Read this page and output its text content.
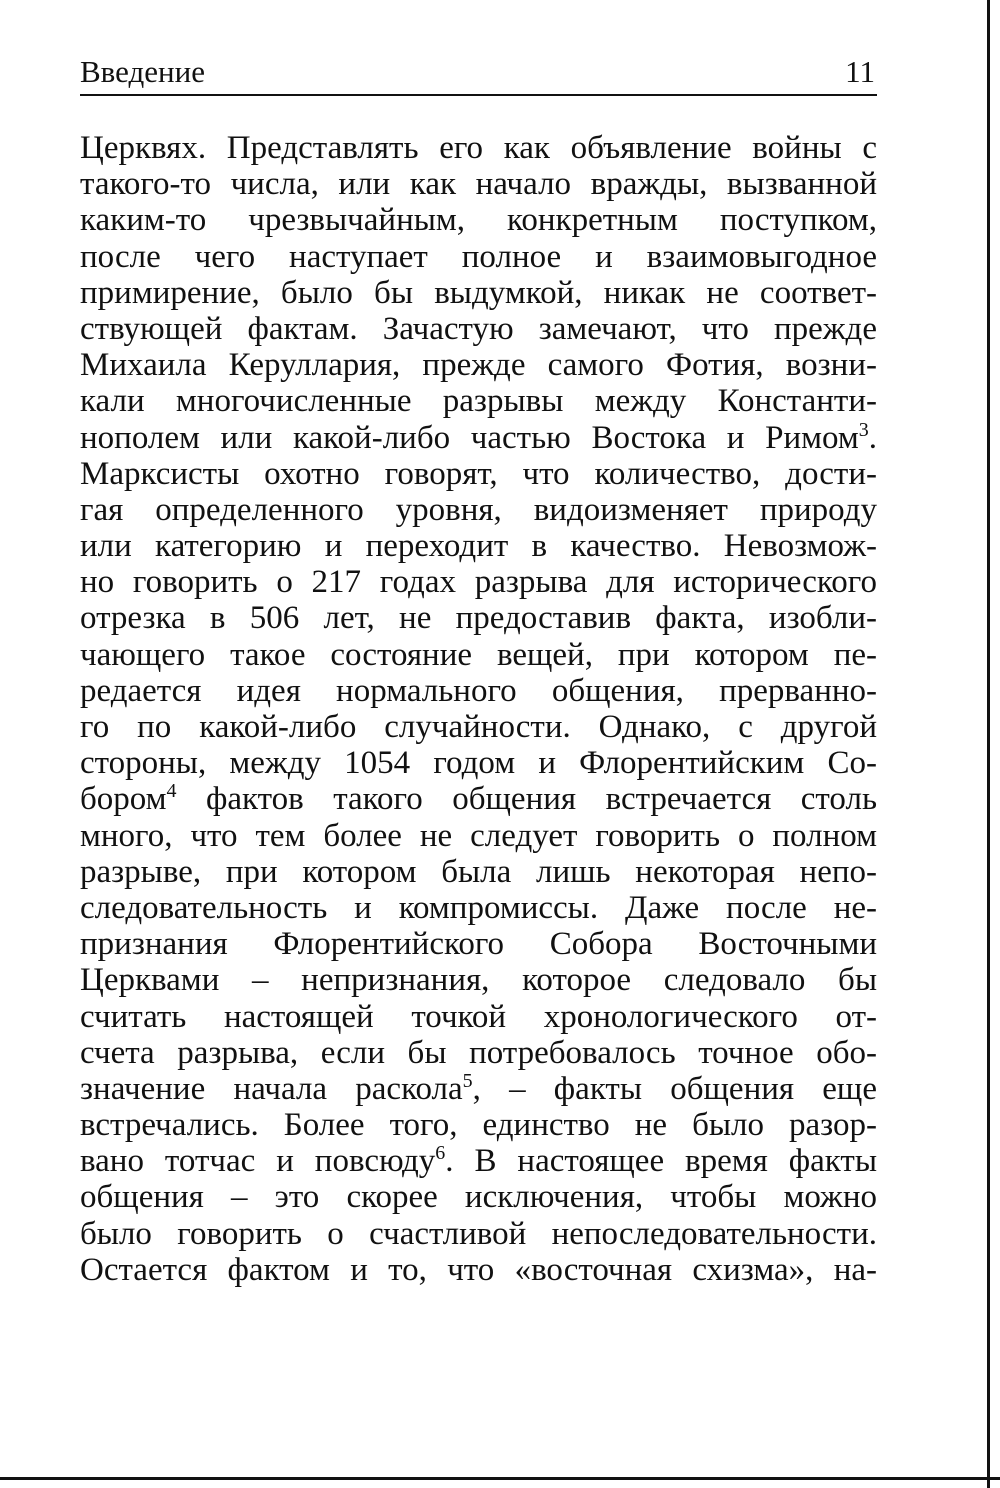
Введение	11
Церквях. Представлять его как объявление войны с
такого-то числа, или как начало вражды, вызванной
каким-то чрезвычайным, конкретным поступком,
после чего наступает полное и взаимовыгодное
примирение, было бы выдумкой, никак не соответ-
ствующей фактам. Зачастую замечают, что прежде
Михаила Керуллария, прежде самого Фотия, возни-
кали многочисленные разрывы между Константи-
нополем или какой-либо частью Востока и Римом$^3$.
Марксисты охотно говорят, что количество, дости-
гая определенного уровня, видоизменяет природу
или категорию и переходит в качество. Невозмож-
но говорить о 217 годах разрыва для исторического
отрезка в 506 лет, не предоставив факта, изобли-
чающего такое состояние вещей, при котором пе-
редается идея нормального общения, прерванно-
го по какой-либо случайности. Однако, с другой
стороны, между 1054 годом и Флорентийским Со-
бором$^4$ фактов такого общения встречается столь
много, что тем более не следует говорить о полном
разрыве, при котором была лишь некоторая непо-
следовательность и компромиссы. Даже после не-
признания Флорентийского Собора Восточными
Церквами – непризнания, которое следовало бы
считать настоящей точкой хронологического от-
счета разрыва, если бы потребовалось точное обо-
значение начала раскола$^5$, – факты общения еще
встречались. Более того, единство не было разор-
вано тотчас и повсюду$^6$. В настоящее время факты
общения – это скорее исключения, чтобы можно
было говорить о счастливой непоследовательности.
Остается фактом и то, что «восточная схизма», на-
